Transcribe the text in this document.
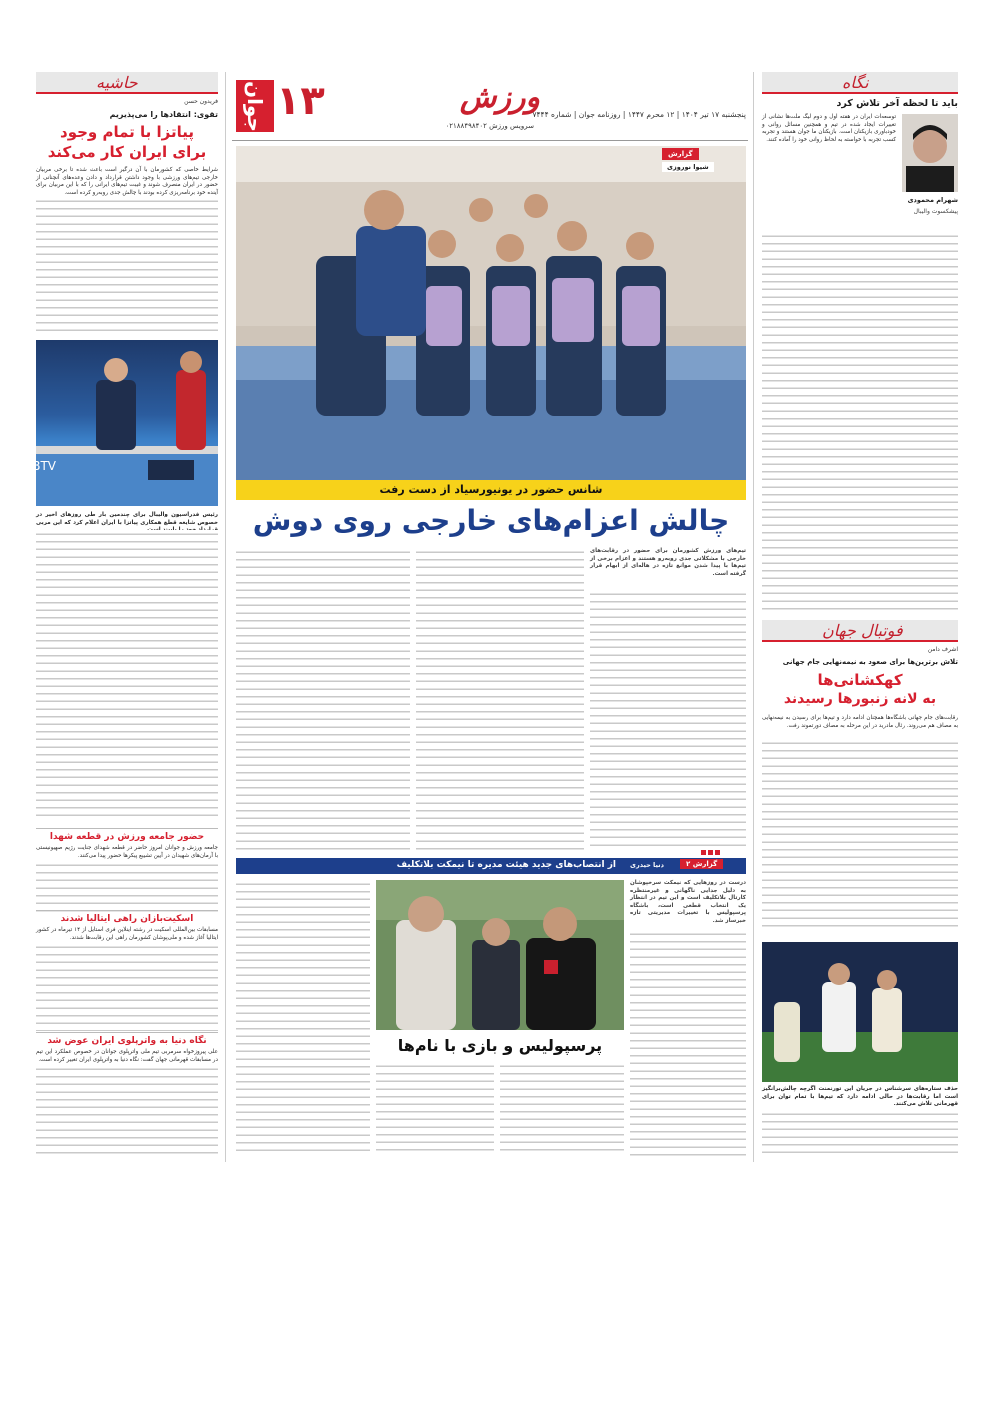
۱۳
جوان	ورزش
پنجشنبه ۱۷ تیر ۱۴۰۴ | ۱۲ محرم ۱۴۴۷ | روزنامه جوان | شماره ۷۴۴۴
سرویس ورزش ۰۲۱۸۸۴۹۸۴۰۲
حاشیه
فریدون حسن
تقوی: انتقادها را می‌پذیریم
پیاتزا با تمام وجود
برای ایران کار می‌کند
شرایط خاصی که کشورمان با آن درگیر است باعث شده تا برخی مربیان خارجی تیم‌های ورزشی با وجود داشتن قرارداد و دادن وعده‌های آنچنانی از حضور در ایران منصرف شوند و غیبت تیم‌های ایرانی را که با این مربیان برای آینده خود برنامه‌ریزی کرده بودند با چالش جدی روبه‌رو کرده است.
BTV
رئیس فدراسیون والیبال برای چندمین بار طی روزهای اخیر در خصوص شایعه قطع همکاری پیاتزا با ایران اعلام کرد که این مربی
حضور جامعه ورزش در قطعه شهدا
جامعه ورزش و جوانان امروز حاضر در قطعه شهدای جنایت رژیم صهیونیستی با آرمان‌های شهیدان در آیین تشییع پیکرها حضور پیدا می‌کنند.
اسکیت‌بازان راهی ایتالیا شدند
مسابقات بین‌المللی اسکیت در رشته اینلاین فری استایل از ۱۴ تیرماه در کشور ایتالیا آغاز شده و ملی‌پوشان کشورمان راهی این رقابت‌ها شدند.
نگاه دنیا به واترپلوی ایران عوض شد
علی پیروزخواه سرمربی تیم ملی واترپلوی جوانان در خصوص عملکرد این تیم در مسابقات قهرمانی جهان گفت: نگاه دنیا به واترپلوی ایران تغییر کرده است.
گزارش
شیوا نوروزی
شانس حضور در یونیورسیاد از دست رفت
چالش اعزام‌های خارجی روی دوش
تیم‌های ورزش کشورمان برای حضور در رقابت‌های خارجی با مشکلاتی جدی روبه‌رو هستند و اعزام برخی از تیم‌ها با پیدا شدن موانع تازه در هاله‌ای از ابهام قرار گرفته است.
از انتصاب‌های جدید هیئت مدیره تا نیمکت بلاتکلیف	گزارش ۲
دنیا حیدری
درست در روزهایی که نیمکت سرخپوشان به دلیل جدایی ناگهانی و غیرمنتظره کارتال بلاتکلیف است و این تیم در انتظار یک انتخاب قطعی است، باشگاه پرسپولیس با تغییرات مدیریتی تازه خبرساز شد.
پرسپولیس و بازی با نام‌ها
نگاه
باید تا لحظه آخر تلاش کرد
شهرام محمودی
پیشکسوت والیبال
توسعه‌ات ایران در هفته اول و دوم لیگ ملت‌ها نشانی از تغییرات ایجاد شده در تیم و همچنین مسائل روانی و خودباوری بازیکنان است. بازیکنان ما جوان هستند و تجربه کسب تجربه با خواسته به لحاظ روانی خود را آماده کنند.
فوتبال جهان
اشرف دامن
تلاش برترین‌ها برای صعود به نیمه‌نهایی جام جهانی
کهکشانی‌ها
به لانه زنبورها رسیدند
رقابت‌های جام جهانی باشگاه‌ها همچنان ادامه دارد و تیم‌ها برای رسیدن به نیمه‌نهایی به مصاف هم می‌روند. رئال مادرید در این مرحله به مصاف دورتموند رفت.
حذف ستاره‌های سرشناس در جریان این تورنمنت اگرچه چالش‌برانگیز است اما رقابت‌ها در حالی ادامه دارد که تیم‌ها با تمام توان برای قهرمانی تلاش می‌کنند.
